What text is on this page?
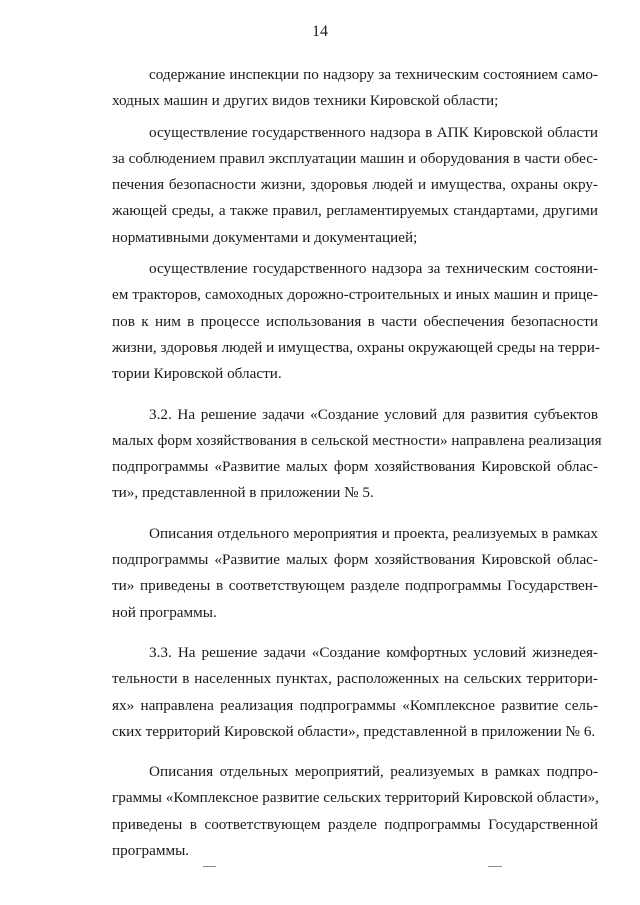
14

содержание инспекции по надзору за техническим состоянием само-
ходных машин и других видов техники Кировской области;

осуществление государственного надзора в АПК Кировской области
за соблюдением правил эксплуатации машин и оборудования в части обес-
печения безопасности жизни, здоровья людей и имущества, охраны окру-
жающей среды, а также правил, регламентируемых стандартами, другими
нормативными документами и документацией;

осуществление государственного надзора за техническим состояни-
ем тракторов, самоходных дорожно-строительных и иных машин и прице-
пов к ним в процессе использования в части обеспечения безопасности
жизни, здоровья людей и имущества, охраны окружающей среды на терри-
тории Кировской области.

3.2. На решение задачи «Создание условий для развития субъектов
малых форм хозяйствования в сельской местности» направлена реализация
подпрограммы «Развитие малых форм хозяйствования Кировской облас-
ти», представленной в приложении № 5.

Описания отдельного мероприятия и проекта, реализуемых в рамках
подпрограммы «Развитие малых форм хозяйствования Кировской облас-
ти» приведены в соответствующем разделе подпрограммы Государствен-
ной программы.

3.3. На решение задачи «Создание комфортных условий жизнедея-
тельности в населенных пунктах, расположенных на сельских территори-
ях» направлена реализация подпрограммы «Комплексное развитие сель-
ских территорий Кировской области», представленной в приложении № 6.

Описания отдельных мероприятий, реализуемых в рамках подпро-
граммы «Комплексное развитие сельских территорий Кировской области»,
приведены в соответствующем разделе подпрограммы Государственной
программы.
